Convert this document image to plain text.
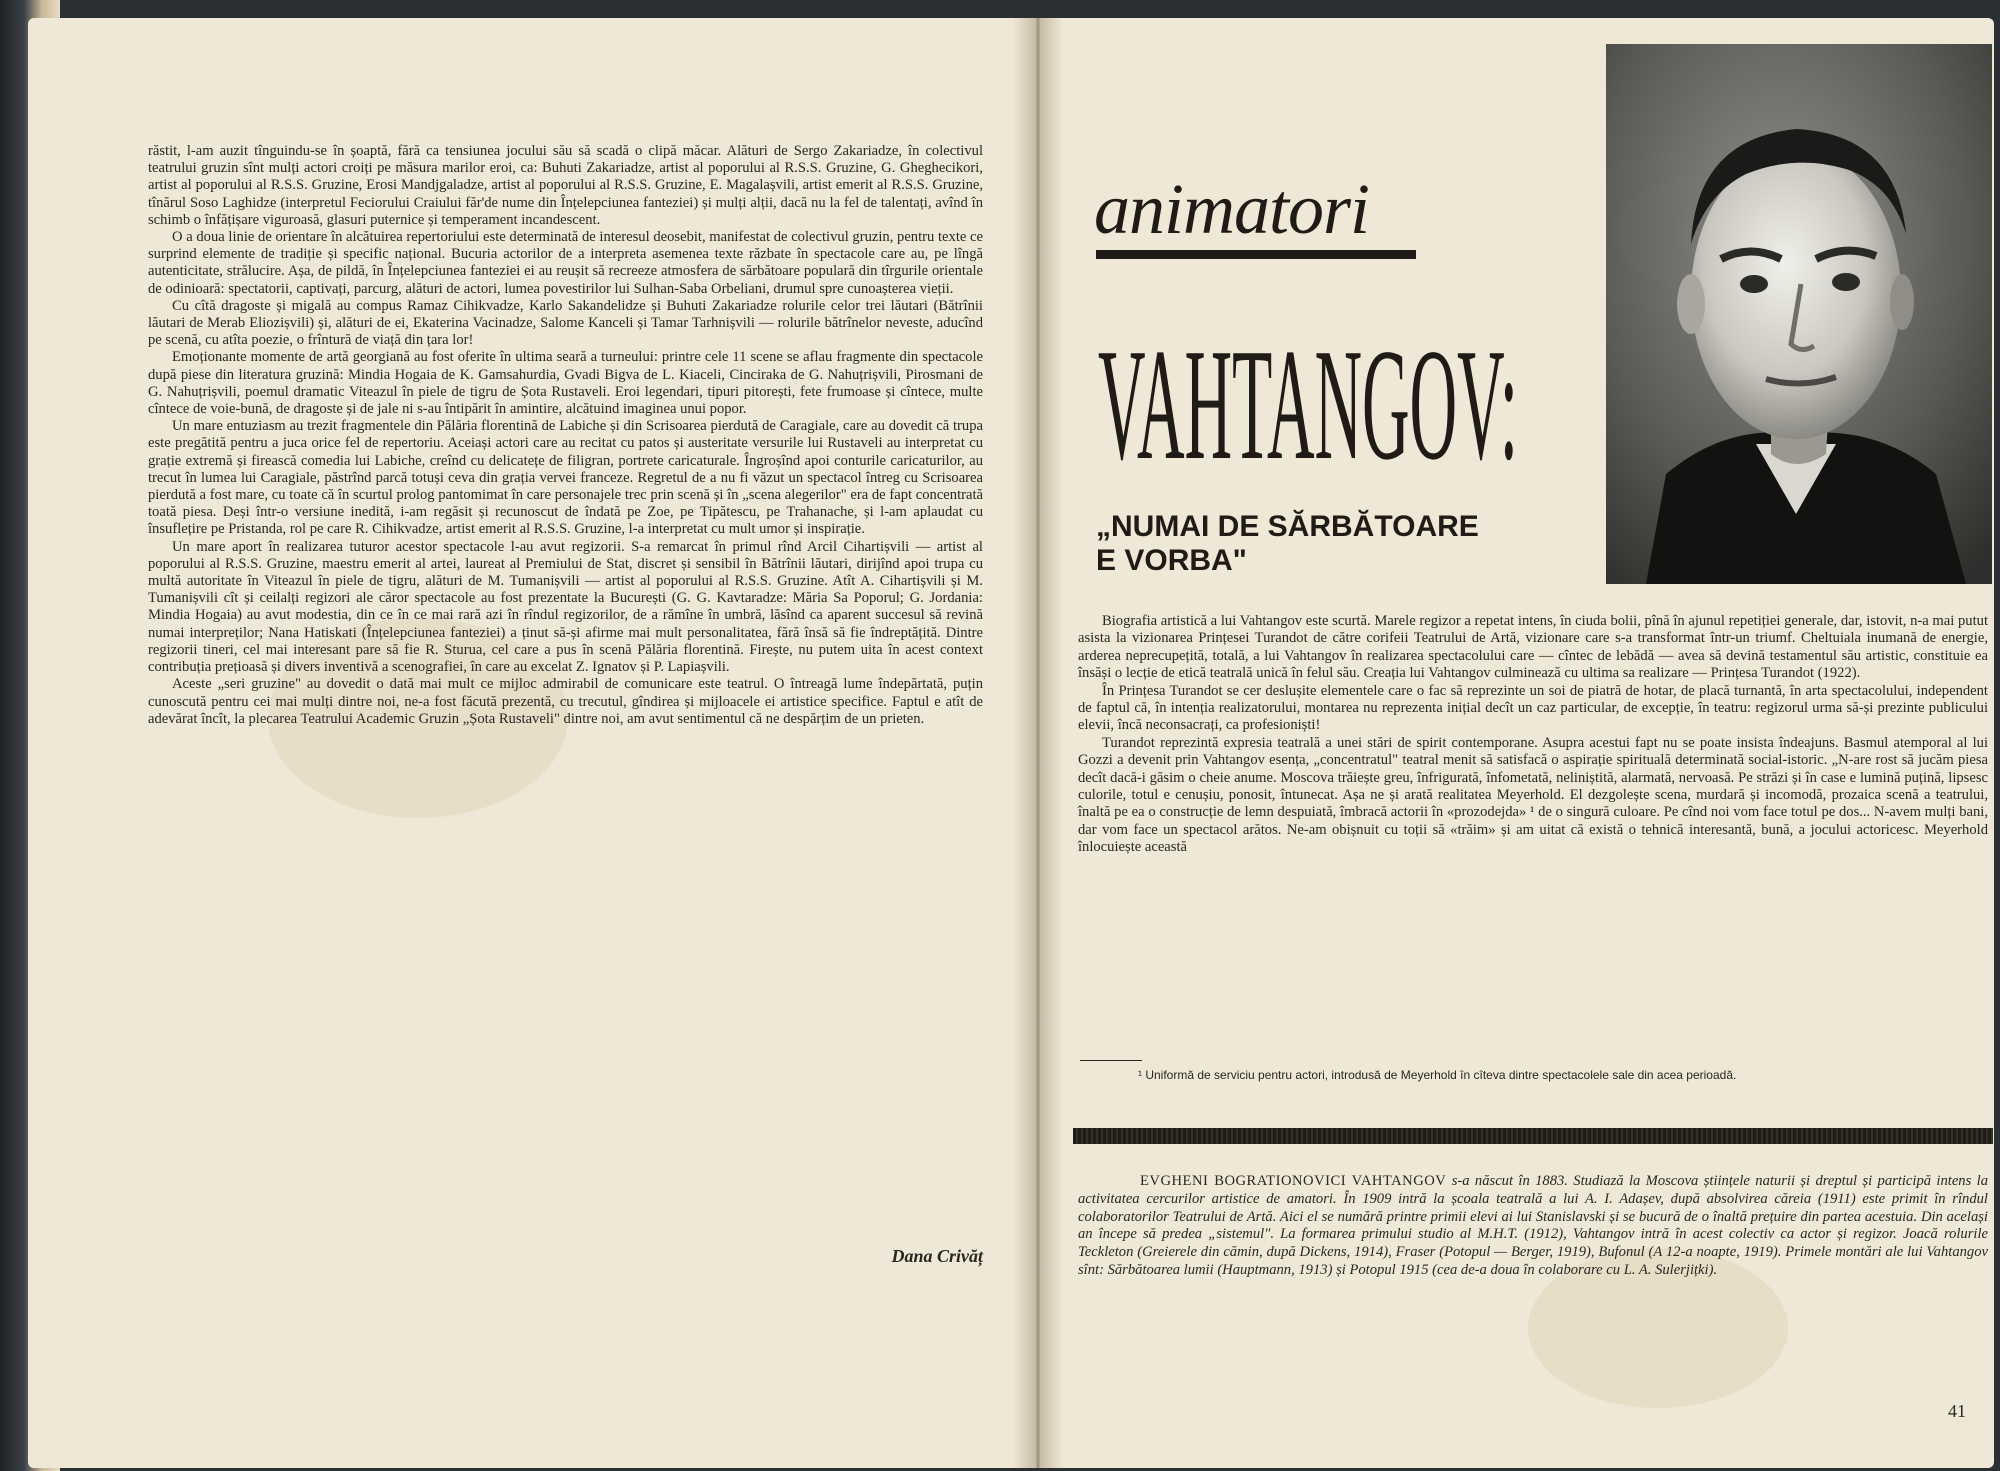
răstit, l-am auzit tînguindu-se în șoaptă, fără ca tensiunea jocului său să scadă o clipă măcar. Alături de Sergo Zakariadze, în colectivul teatrului gruzin sînt mulți actori croiți pe măsura marilor eroi, ca: Buhuti Zakariadze, artist al poporului al R.S.S. Gruzine, G. Gheghecikori, artist al poporului al R.S.S. Gruzine, Erosi Mandjgaladze, artist al poporului al R.S.S. Gruzine, E. Magalașvili, artist emerit al R.S.S. Gruzine, tînărul Soso Laghidze (interpretul Feciorului Craiului făr'de nume din Înțelepciunea fanteziei) și mulți alții, dacă nu la fel de talentați, avînd în schimb o înfățișare viguroasă, glasuri puternice și temperament incandescent.

O a doua linie de orientare în alcătuirea repertoriului este determinată de interesul deosebit, manifestat de colectivul gruzin, pentru texte ce surprind elemente de tradiție și specific național. Bucuria actorilor de a interpreta asemenea texte răzbate în spectacole care au, pe lîngă autenticitate, strălucire. Așa, de pildă, în Înțelepciunea fanteziei ei au reușit să recreeze atmosfera de sărbătoare populară din tîrgurile orientale de odinioară: spectatorii, captivați, parcurg, alături de actori, lumea povestirilor lui Sulhan-Saba Orbeliani, drumul spre cunoașterea vieții.

Cu cîtă dragoste și migală au compus Ramaz Cihikvadze, Karlo Sakandelidze și Buhuti Zakariadze rolurile celor trei lăutari (Bătrînii lăutari de Merab Eliozișvili) și, alături de ei, Ekaterina Vacinadze, Salome Kanceli și Tamar Tarhnișvili — rolurile bătrînelor neveste, aducînd pe scenă, cu atîta poezie, o frîntură de viață din țara lor!

Emoționante momente de artă georgiană au fost oferite în ultima seară a turneului: printre cele 11 scene se aflau fragmente din spectacole după piese din literatura gruzină: Mindia Hogaia de K. Gamsahurdia, Gvadi Bigva de L. Kiaceli, Cinciraka de G. Nahuțrișvili, Pirosmani de G. Nahuțrișvili, poemul dramatic Viteazul în piele de tigru de Șota Rustaveli. Eroi legendari, tipuri pitorești, fete frumoase și cîntece, multe cîntece de voie-bună, de dragoste și de jale ni s-au întipărit în amintire, alcătuind imaginea unui popor.

Un mare entuziasm au trezit fragmentele din Pălăria florentină de Labiche și din Scrisoarea pierdută de Caragiale, care au dovedit că trupa este pregătită pentru a juca orice fel de repertoriu. Aceiași actori care au recitat cu patos și austeritate versurile lui Rustaveli au interpretat cu grație extremă și firească comedia lui Labiche, creînd cu delicatețe de filigran, portrete caricaturale. Îngroșînd apoi conturile caricaturilor, au trecut în lumea lui Caragiale, păstrînd parcă totuși ceva din grația vervei franceze. Regretul de a nu fi văzut un spectacol întreg cu Scrisoarea pierdută a fost mare, cu toate că în scurtul prolog pantomimat în care personajele trec prin scenă și în „scena alegerilor" era de fapt concentrată toată piesa. Deși într-o versiune inedită, i-am regăsit și recunoscut de îndată pe Zoe, pe Tipătescu, pe Trahanache, și l-am aplaudat cu însuflețire pe Pristanda, rol pe care R. Cihikvadze, artist emerit al R.S.S. Gruzine, l-a interpretat cu mult umor și inspirație.

Un mare aport în realizarea tuturor acestor spectacole l-au avut regizorii. S-a remarcat în primul rînd Arcil Cihartișvili — artist al poporului al R.S.S. Gruzine, maestru emerit al artei, laureat al Premiului de Stat, discret și sensibil în Bătrînii lăutari, dirijînd apoi trupa cu multă autoritate în Viteazul în piele de tigru, alături de M. Tumanișvili — artist al poporului al R.S.S. Gruzine. Atît A. Cihartișvili și M. Tumanișvili cît și ceilalți regizori ale căror spectacole au fost prezentate la București (G. G. Kavtaradze: Măria Sa Poporul; G. Jordania: Mindia Hogaia) au avut modestia, din ce în ce mai rară azi în rîndul regizorilor, de a rămîne în umbră, lăsînd ca aparent succesul să revină numai interpreților; Nana Hatiskati (Înțelepciunea fanteziei) a ținut să-și afirme mai mult personalitatea, fără însă să fie îndreptățită. Dintre regizorii tineri, cel mai interesant pare să fie R. Sturua, cel care a pus în scenă Pălăria florentină. Firește, nu putem uita în acest context contribuția prețioasă și divers inventivă a scenografiei, în care au excelat Z. Ignatov și P. Lapiașvili.

Aceste „seri gruzine" au dovedit o dată mai mult ce mijloc admirabil de comunicare este teatrul. O întreagă lume îndepărtată, puțin cunoscută pentru cei mai mulți dintre noi, ne-a fost făcută prezentă, cu trecutul, gîndirea și mijloacele ei artistice specifice. Faptul e atît de adevărat încît, la plecarea Teatrului Academic Gruzin „Șota Rustaveli" dintre noi, am avut sentimentul că ne despărțim de un prieten.

Dana Crivăț
animatori
VAHTANGOV:
„NUMAI DE SĂRBĂTOARE
E VORBA"

Biografia artistică a lui Vahtangov este scurtă. Marele regizor a repetat intens, în ciuda bolii, pînă în ajunul repetiției generale, dar, istovit, n-a mai putut asista la vizionarea Prințesei Turandot de către corifeii Teatrului de Artă, vizionare care s-a transformat într-un triumf. Cheltuiala inumană de energie, arderea neprecupețită, totală, a lui Vahtangov în realizarea spectacolului care — cîntec de lebădă — avea să devină testamentul său artistic, constituie ea însăși o lecție de etică teatrală unică în felul său. Creația lui Vahtangov culminează cu ultima sa realizare — Prințesa Turandot (1922).

În Prințesa Turandot se cer deslușite elementele care o fac să reprezinte un soi de piatră de hotar, de placă turnantă, în arta spectacolului, independent de faptul că, în intenția realizatorului, montarea nu reprezenta inițial decît un caz particular, de excepție, în teatru: regizorul urma să-și prezinte publicului elevii, încă neconsacrați, ca profesioniști!

Turandot reprezintă expresia teatrală a unei stări de spirit contemporane. Asupra acestui fapt nu se poate insista îndeajuns. Basmul atemporal al lui Gozzi a devenit prin Vahtangov esența, „concentratul" teatral menit să satisfacă o aspirație spirituală determinată social-istoric. „N-are rost să jucăm piesa decît dacă-i găsim o cheie anume. Moscova trăiește greu, înfrigurată, înfometată, neliniștită, alarmată, nervoasă. Pe străzi și în case e lumină puțină, lipsesc culorile, totul e cenușiu, ponosit, întunecat. Așa ne și arată realitatea Meyerhold. El dezgolește scena, murdară și incomodă, prozaica scenă a teatrului, înaltă pe ea o construcție de lemn despuiată, îmbracă actorii în «prozodejda» ¹ de o singură culoare. Pe cînd noi vom face totul pe dos... N-avem mulți bani, dar vom face un spectacol arătos. Ne-am obișnuit cu toții să «trăim» și am uitat că există o tehnică interesantă, bună, a jocului actoricesc. Meyerhold înlocuiește această

¹ Uniformă de serviciu pentru actori, introdusă de Meyerhold în cîteva dintre spectacolele sale din acea perioadă.

EVGHENI BOGRATIONOVICI VAHTANGOV s-a născut în 1883. Studiază la Moscova științele naturii și dreptul și participă intens la activitatea cercurilor artistice de amatori. În 1909 intră la școala teatrală a lui A. I. Adașev, după absolvirea căreia (1911) este primit în rîndul colaboratorilor Teatrului de Artă. Aici el se numără printre primii elevi ai lui Stanislavski și se bucură de o înaltă prețuire din partea acestuia. Din același an începe să predea „sistemul". La formarea primului studio al M.H.T. (1912), Vahtangov intră în acest colectiv ca actor și regizor. Joacă rolurile Teckleton (Greierele din cămin, după Dickens, 1914), Fraser (Potopul — Berger, 1919), Bufonul (A 12-a noapte, 1919). Primele montări ale lui Vahtangov sînt: Sărbătoarea lumii (Hauptmann, 1913) și Potopul 1915 (cea de-a doua în colaborare cu L. A. Sulerjițki).

41
